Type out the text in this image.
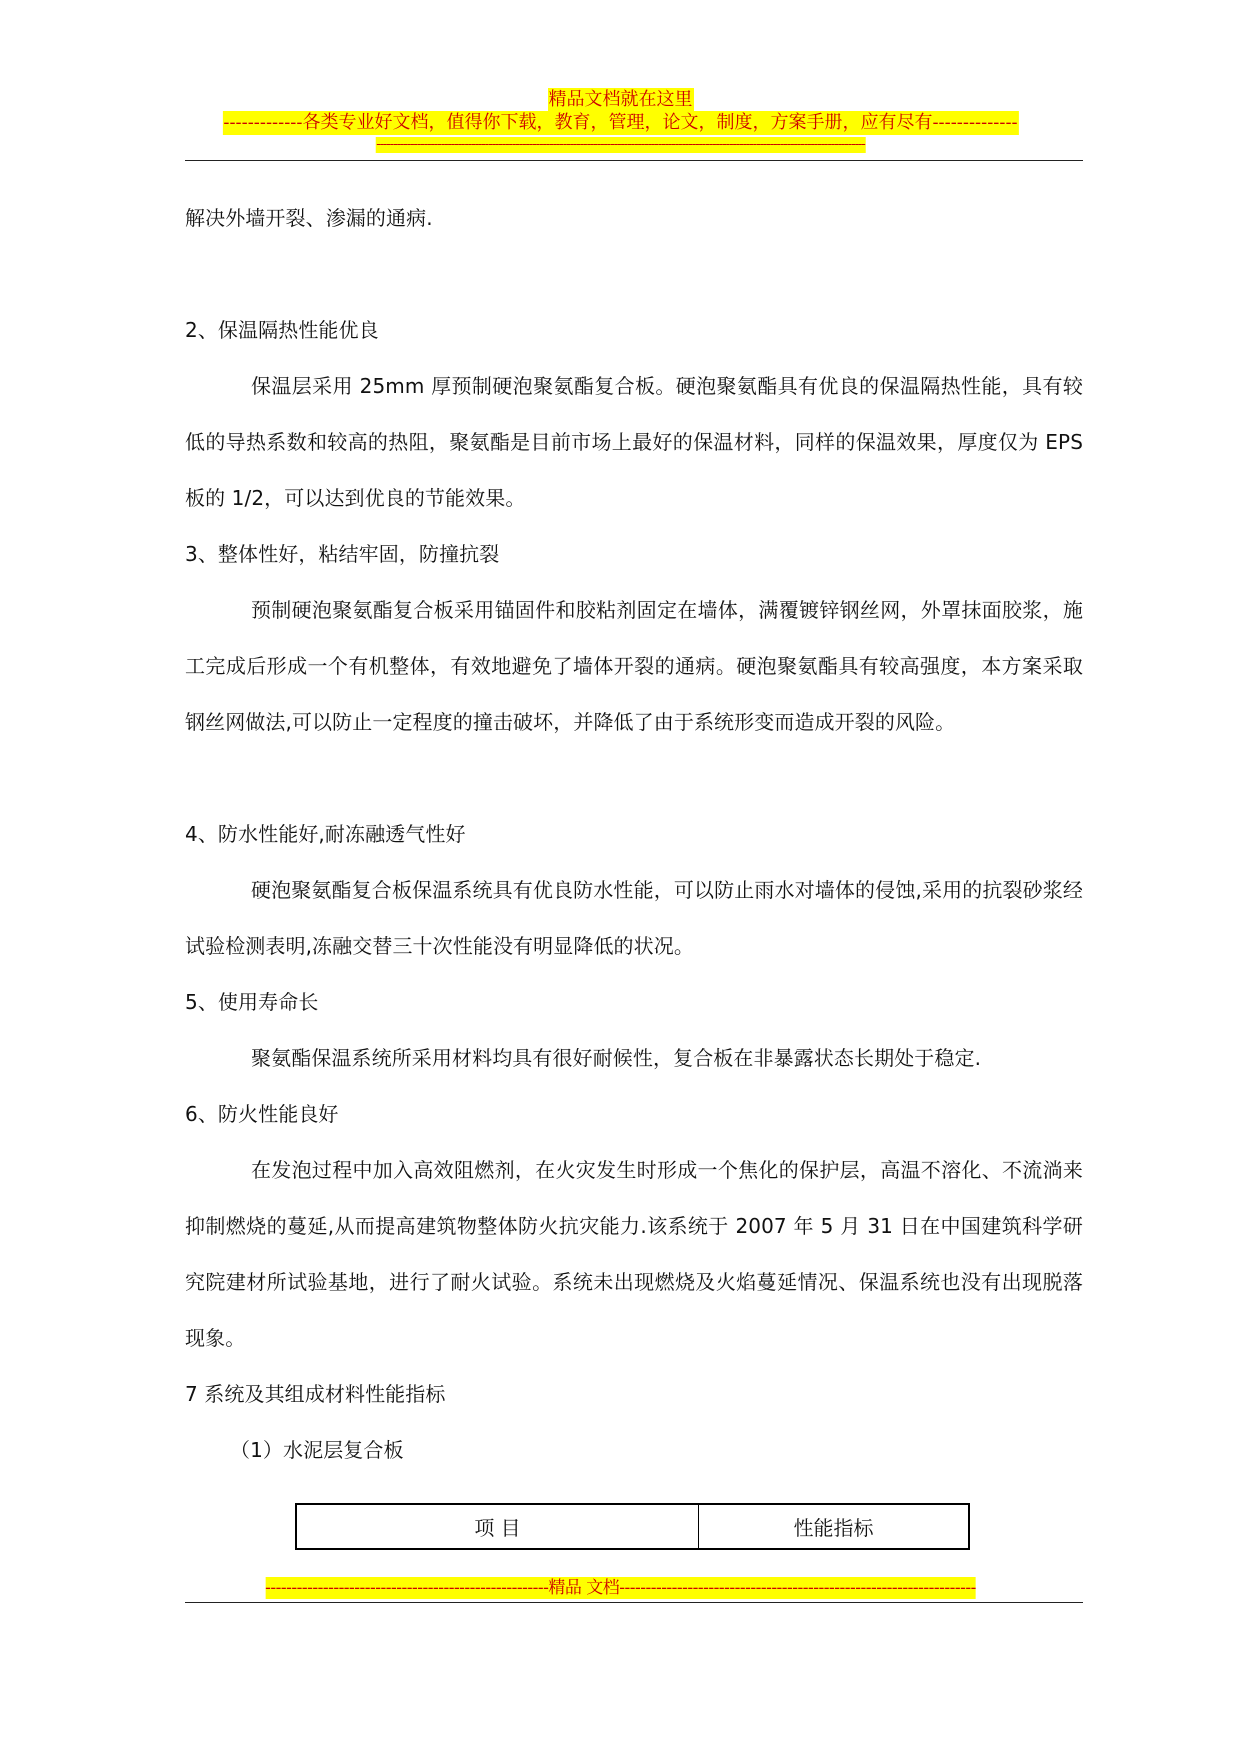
精品文档就在这里
-------------各类专业好文档，值得你下载，教育，管理，论文，制度，方案手册，应有尽有--------------
------------------------------------------------------------------------------------------------------------------------------------------------
解决外墙开裂、渗漏的通病.
2、保温隔热性能优良
保温层采用 25mm 厚预制硬泡聚氨酯复合板。硬泡聚氨酯具有优良的保温隔热性能，具有较低的导热系数和较高的热阻，聚氨酯是目前市场上最好的保温材料，同样的保温效果，厚度仅为 EPS 板的 1/2，可以达到优良的节能效果。
3、整体性好，粘结牢固，防撞抗裂
预制硬泡聚氨酯复合板采用锚固件和胶粘剂固定在墙体，满覆镀锌钢丝网，外罩抹面胶浆，施工完成后形成一个有机整体，有效地避免了墙体开裂的通病。硬泡聚氨酯具有较高强度，本方案采取钢丝网做法,可以防止一定程度的撞击破坏，并降低了由于系统形变而造成开裂的风险。
4、防水性能好,耐冻融透气性好
硬泡聚氨酯复合板保温系统具有优良防水性能，可以防止雨水对墙体的侵蚀,采用的抗裂砂浆经试验检测表明,冻融交替三十次性能没有明显降低的状况。
5、使用寿命长
聚氨酯保温系统所采用材料均具有很好耐候性，复合板在非暴露状态长期处于稳定.
6、防火性能良好
在发泡过程中加入高效阻燃剂，在火灾发生时形成一个焦化的保护层，高温不溶化、不流淌来抑制燃烧的蔓延,从而提高建筑物整体防火抗灾能力.该系统于 2007 年 5 月 31 日在中国建筑科学研究院建材所试验基地，进行了耐火试验。系统未出现燃烧及火焰蔓延情况、保温系统也没有出现脱落现象。
7 系统及其组成材料性能指标
（1）水泥层复合板
项 目	性能指标
------------------------------------------------------精品 文档--------------------------------------------------------------------
